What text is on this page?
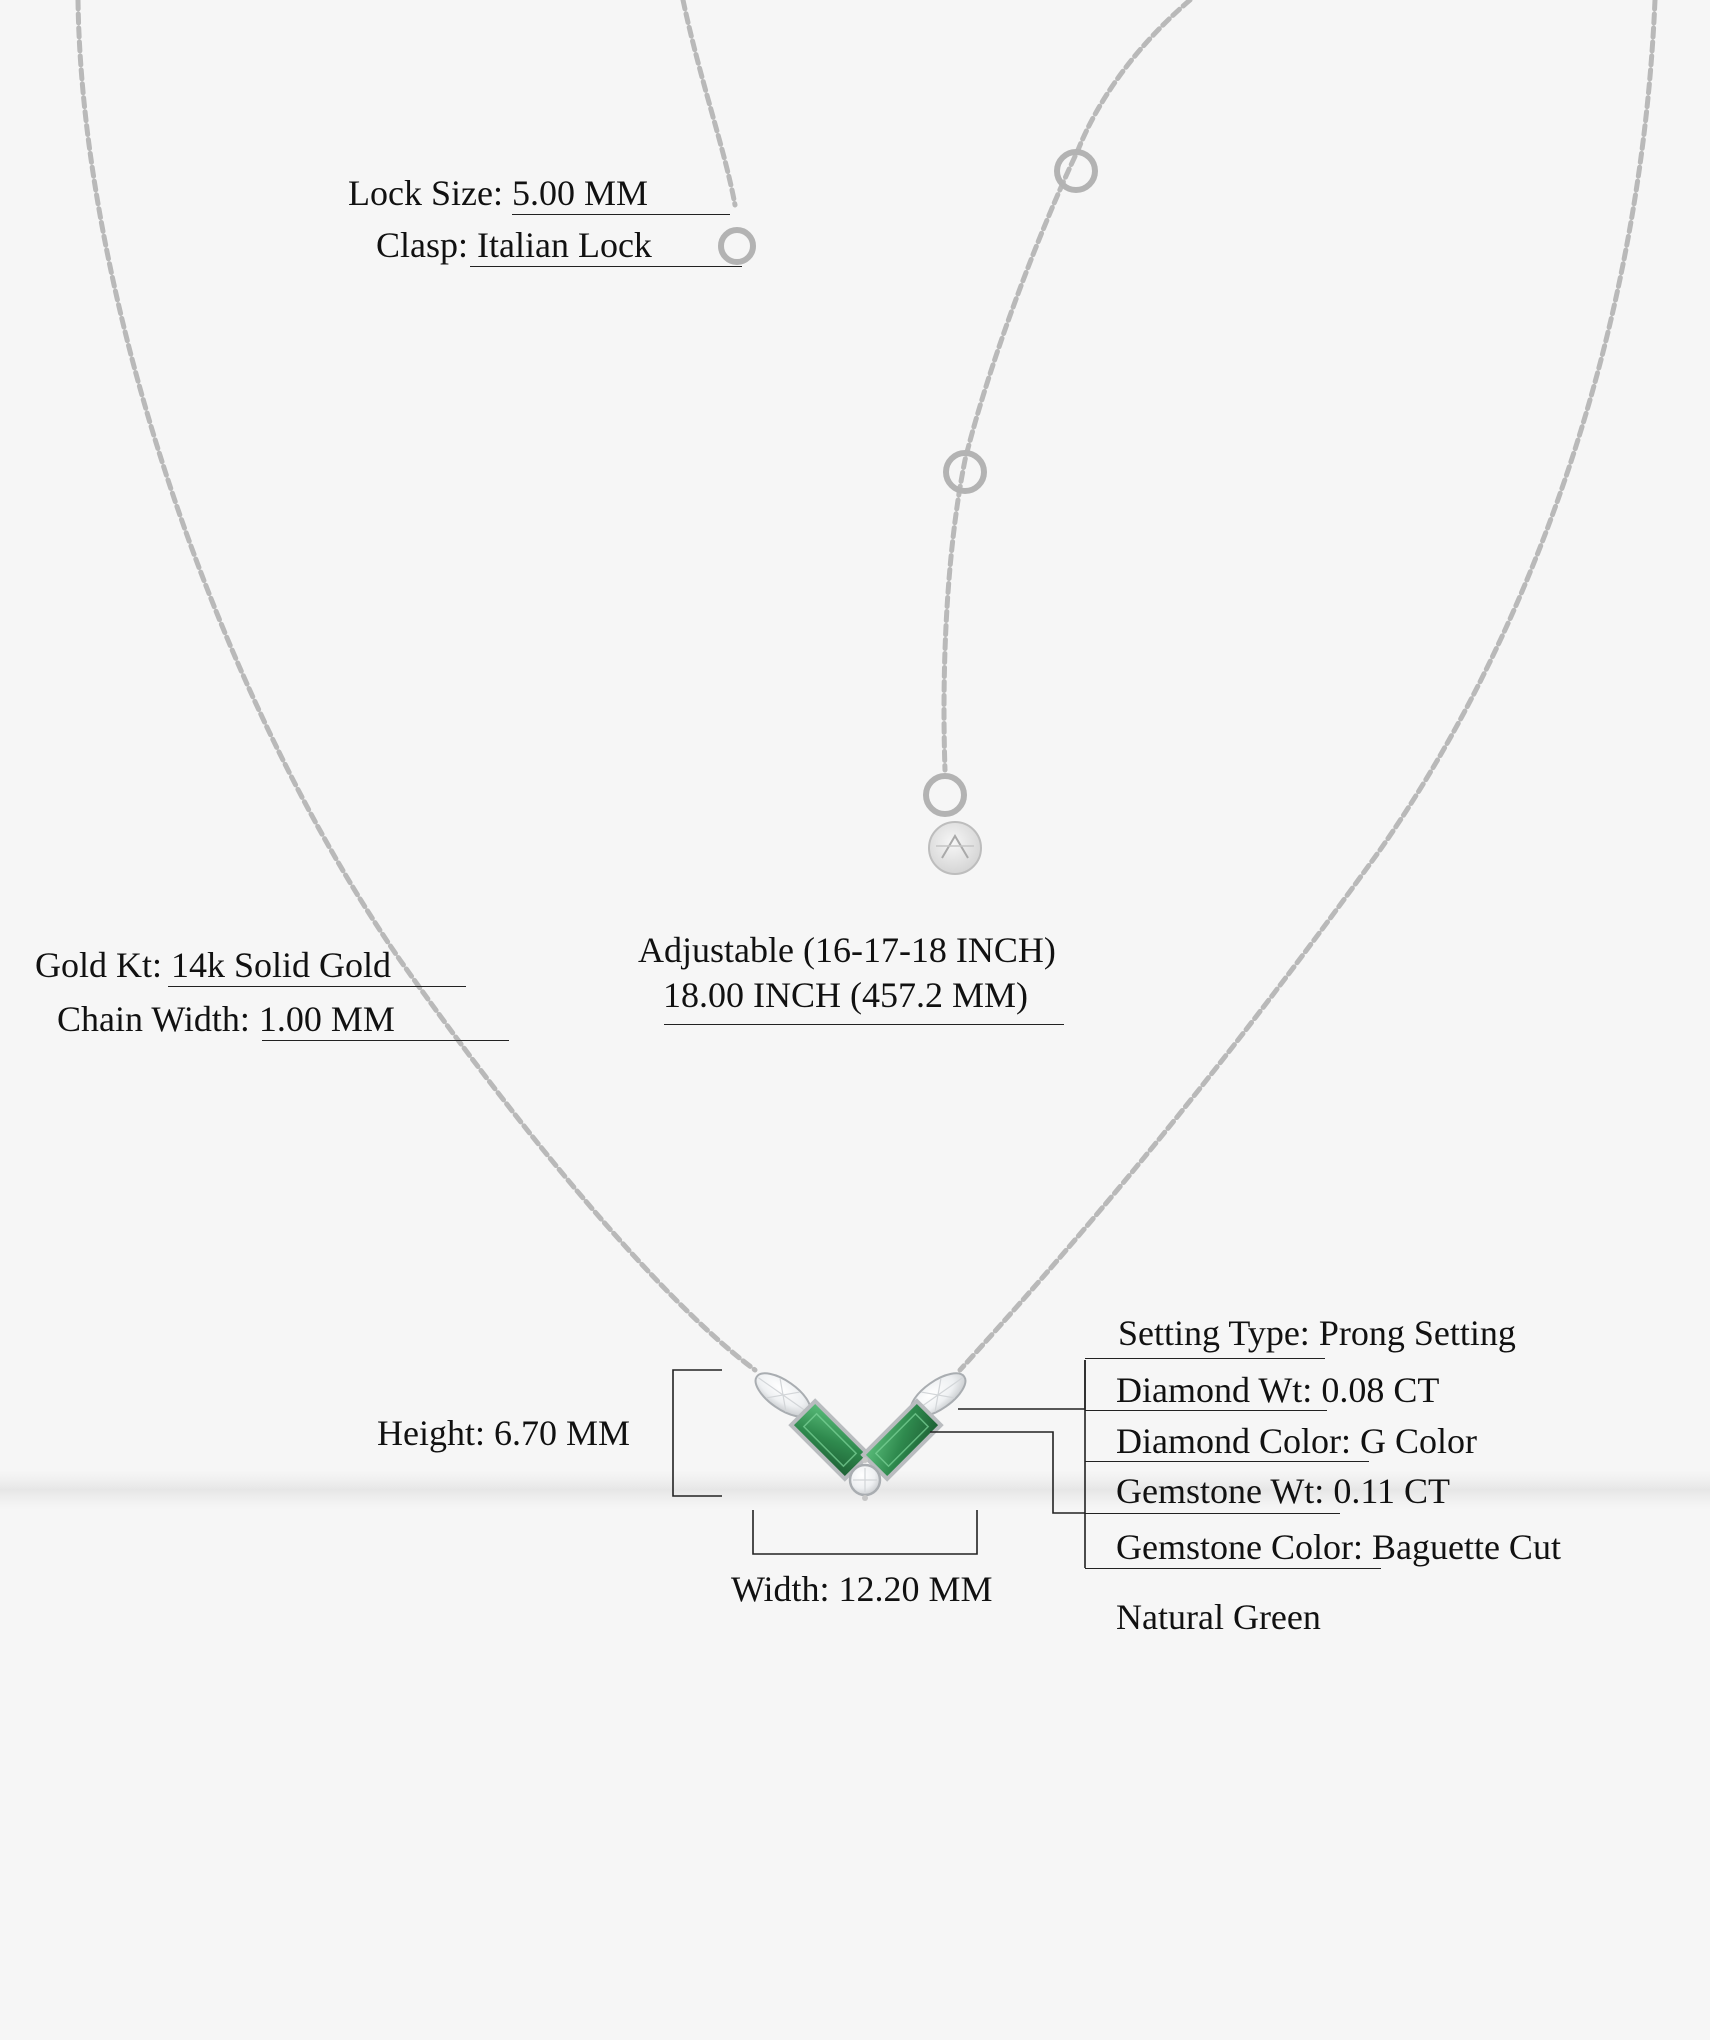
Lock Size: 5.00 MM
Clasp: Italian Lock
Gold Kt: 14k Solid Gold
Chain Width: 1.00 MM
Adjustable (16-17-18 INCH)
18.00 INCH (457.2 MM)
Height: 6.70 MM
Width: 12.20 MM
Setting Type: Prong Setting
Diamond Wt: 0.08 CT
Diamond Color: G Color
Gemstone Wt: 0.11 CT
Gemstone Color: Baguette Cut
Natural Green
